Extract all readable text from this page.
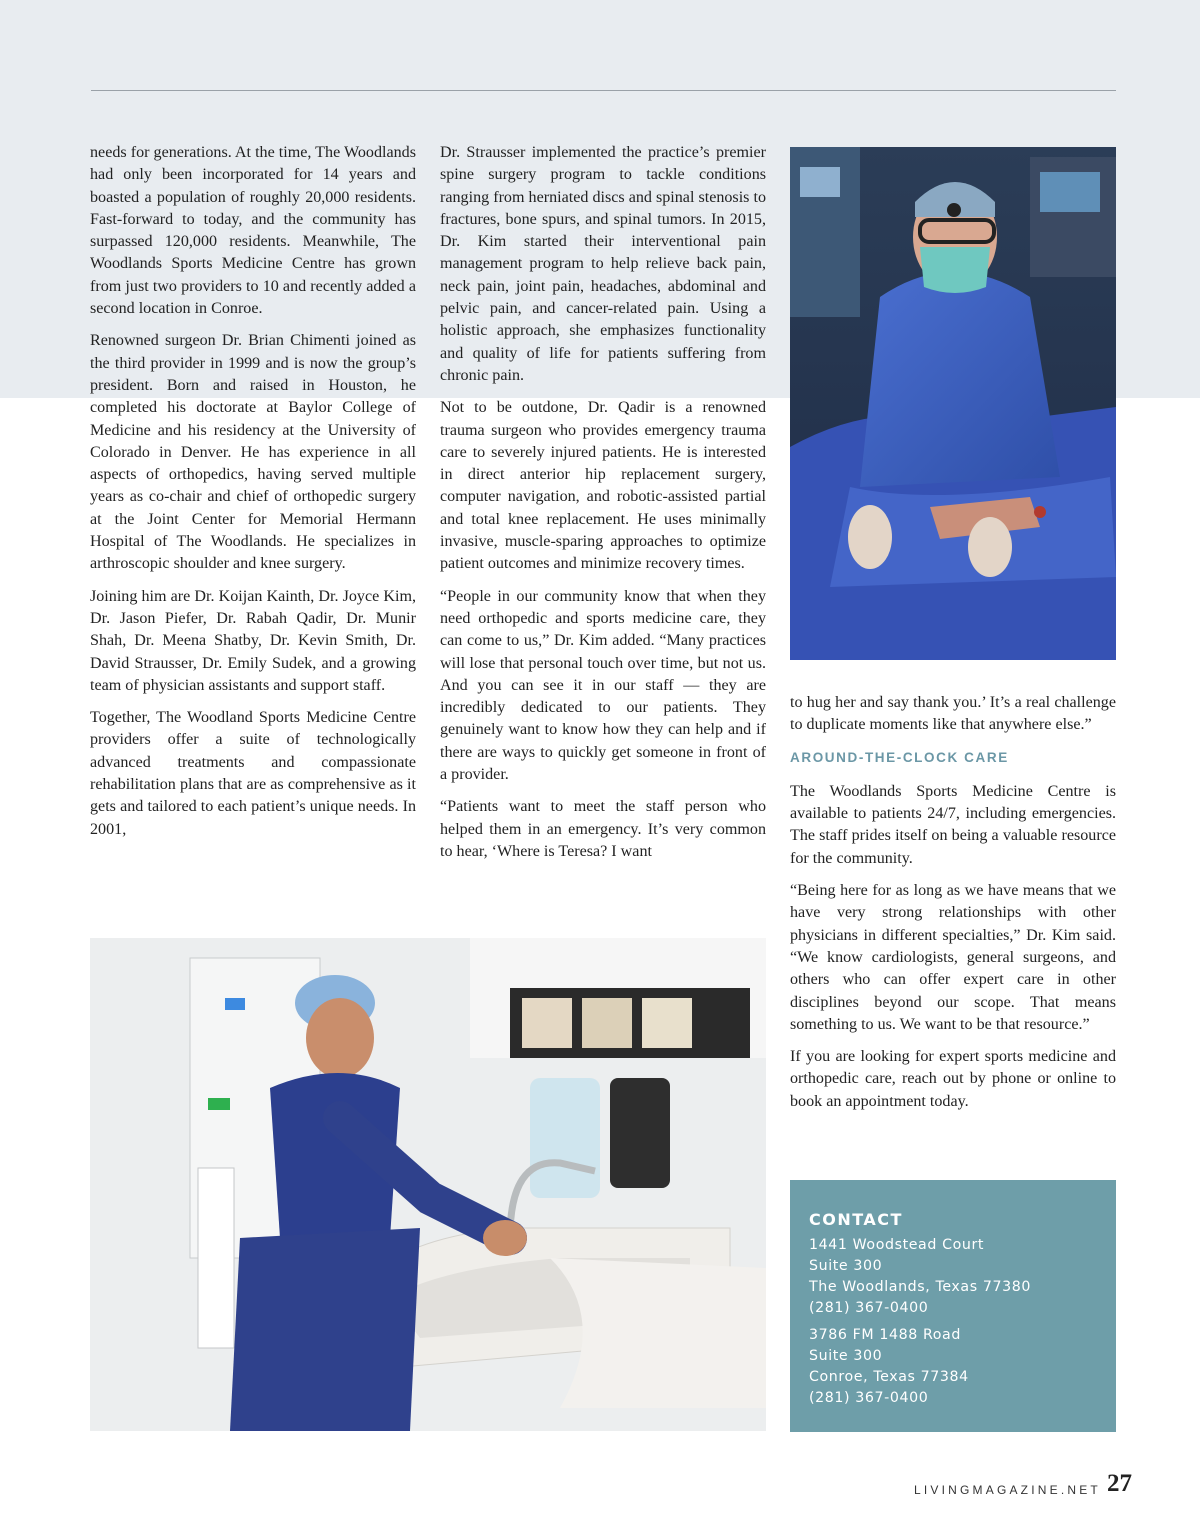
needs for generations. At the time, The Woodlands had only been incorporated for 14 years and boasted a population of roughly 20,000 residents. Fast-forward to today, and the community has surpassed 120,000 residents. Meanwhile, The Woodlands Sports Medicine Centre has grown from just two providers to 10 and recently added a second location in Conroe.

Renowned surgeon Dr. Brian Chimenti joined as the third provider in 1999 and is now the group’s president. Born and raised in Houston, he completed his doctorate at Baylor College of Medicine and his residency at the University of Colorado in Denver. He has experience in all aspects of orthopedics, having served multiple years as co-chair and chief of orthopedic surgery at the Joint Center for Memorial Hermann Hospital of The Woodlands. He specializes in arthroscopic shoulder and knee surgery.

Joining him are Dr. Koijan Kainth, Dr. Joyce Kim, Dr. Jason Piefer, Dr. Rabah Qadir, Dr. Munir Shah, Dr. Meena Shatby, Dr. Kevin Smith, Dr. David Strausser, Dr. Emily Sudek, and a growing team of physician assistants and support staff.

Together, The Woodland Sports Medicine Centre providers offer a suite of technologically advanced treatments and compassionate rehabilitation plans that are as comprehensive as it gets and tailored to each patient’s unique needs. In 2001,

Dr. Strausser implemented the practice’s premier spine surgery program to tackle conditions ranging from herniated discs and spinal stenosis to fractures, bone spurs, and spinal tumors. In 2015, Dr. Kim started their interventional pain management program to help relieve back pain, neck pain, joint pain, headaches, abdominal and pelvic pain, and cancer-related pain. Using a holistic approach, she emphasizes functionality and quality of life for patients suffering from chronic pain.

Not to be outdone, Dr. Qadir is a renowned trauma surgeon who provides emergency trauma care to severely injured patients. He is interested in direct anterior hip replacement surgery, computer navigation, and robotic-assisted partial and total knee replacement. He uses minimally invasive, muscle-sparing approaches to optimize patient outcomes and minimize recovery times.

“People in our community know that when they need orthopedic and sports medicine care, they can come to us,” Dr. Kim added. “Many practices will lose that personal touch over time, but not us. And you can see it in our staff — they are incredibly dedicated to our patients. They genuinely want to know how they can help and if there are ways to quickly get someone in front of a provider.

“Patients want to meet the staff person who helped them in an emergency. It’s very common to hear, ‘Where is Teresa? I want

to hug her and say thank you.’ It’s a real challenge to duplicate moments like that anywhere else.”

AROUND-THE-CLOCK CARE

The Woodlands Sports Medicine Centre is available to patients 24/7, including emergencies. The staff prides itself on being a valuable resource for the community.

“Being here for as long as we have means that we have very strong relationships with other physicians in different specialties,” Dr. Kim said. “We know cardiologists, general surgeons, and others who can offer expert care in other disciplines beyond our scope. That means something to us. We want to be that resource.”

If you are looking for expert sports medicine and orthopedic care, reach out by phone or online to book an appointment today.

CONTACT
1441 Woodstead Court
Suite 300
The Woodlands, Texas 77380
(281) 367-0400
3786 FM 1488 Road
Suite 300
Conroe, Texas 77384
(281) 367-0400
LIVINGMAGAZINE.NET 27
